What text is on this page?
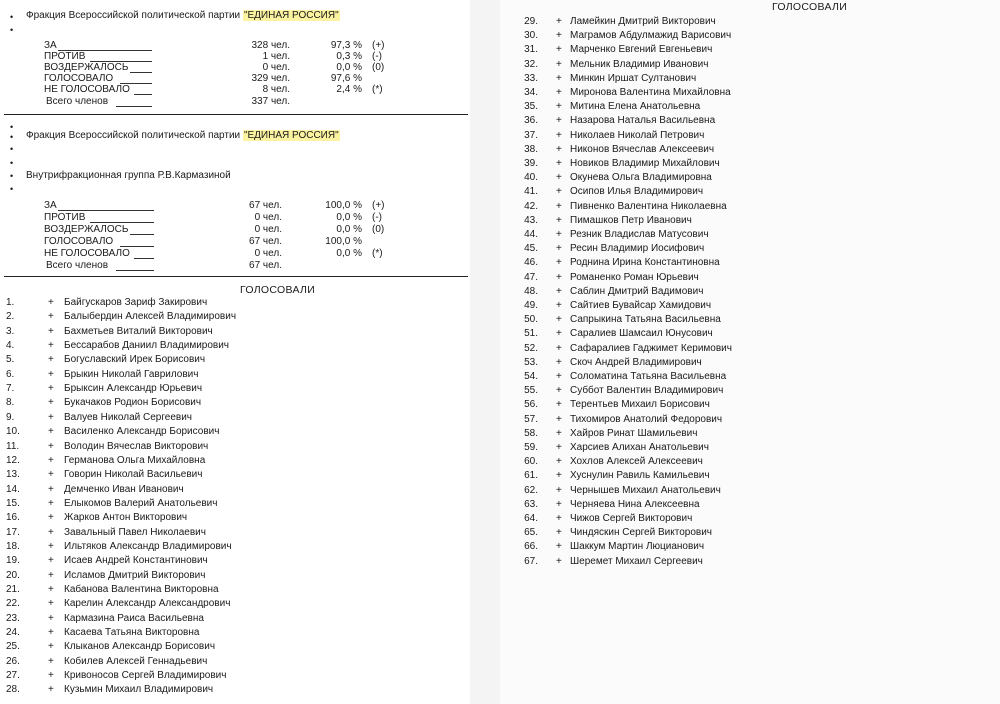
• Фракция Всероссийской политической партии "ЕДИНАЯ РОССИЯ"
•
ЗА	328 чел.	97,3 % (+)
ПРОТИВ	1 чел.	0,3 % (-)
ВОЗДЕРЖАЛОСЬ	0 чел.	0,0 % (0)
ГОЛОСОВАЛО	329 чел.	97,6 %
НЕ ГОЛОСОВАЛО	8 чел.	2,4 % (*)
Всего членов	337 чел.
•
Фракция Всероссийской политической партии "ЕДИНАЯ РОССИЯ"
•
•
•
• Внутрифракционная группа Р.В.Кармазиной
•
ЗА	67 чел.	100,0 % (+)
ПРОТИВ	0 чел.	0,0 % (-)
ВОЗДЕРЖАЛОСЬ	0 чел.	0,0 % (0)
ГОЛОСОВАЛО	67 чел.	100,0 %
НЕ ГОЛОСОВАЛО	0 чел.	0,0 % (*)
Всего членов	67 чел.
ГОЛОСОВАЛИ
1.	+ Байгускаров Зариф Закирович
2.	+ Балыбердин Алексей Владимирович
3.	+ Бахметьев Виталий Викторович
4.	+ Бессарабов Даниил Владимирович
5.	+ Богуславский Ирек Борисович
6.	+ Брыкин Николай Гаврилович
7.	+ Брыксин Александр Юрьевич
8.	+ Букачаков Родион Борисович
9.	+ Валуев Николай Сергеевич
10.	+ Василенко Александр Борисович
11.	+ Володин Вячеслав Викторович
12.	+ Германова Ольга Михайловна
13.	+ Говорин Николай Васильевич
14.	+ Демченко Иван Иванович
15.	+ Елыкомов Валерий Анатольевич
16.	+ Жарков Антон Викторович
17.	+ Завальный Павел Николаевич
18.	+ Ильтяков Александр Владимирович
19.	+ Исаев Андрей Константинович
20.	+ Исламов Дмитрий Викторович
21.	+ Кабанова Валентина Викторовна
22.	+ Карелин Александр Александрович
23.	+ Кармазина Раиса Васильевна
24.	+ Касаева Татьяна Викторовна
25.	+ Клыканов Александр Борисович
26.	+ Кобилев Алексей Геннадьевич
27.	+ Кривоносов Сергей Владимирович
28.	+ Кузьмин Михаил Владимирович
ГОЛОСОВАЛИ
29. + Ламейкин Дмитрий Викторович
30. + Маграмов Абдулмажид Варисович
31. + Марченко Евгений Евгеньевич
32. + Мельник Владимир Иванович
33. + Минкин Иршат Султанович
34. + Миронова Валентина Михайловна
35. + Митина Елена Анатольевна
36. + Назарова Наталья Васильевна
37. + Николаев Николай Петрович
38. + Никонов Вячеслав Алексеевич
39. + Новиков Владимир Михайлович
40. + Окунева Ольга Владимировна
41. + Осипов Илья Владимирович
42. + Пивненко Валентина Николаевна
43. + Пимашков Петр Иванович
44. + Резник Владислав Матусович
45. + Ресин Владимир Иосифович
46. + Роднина Ирина Константиновна
47. + Романенко Роман Юрьевич
48. + Саблин Дмитрий Вадимович
49. + Сайтиев Бувайсар Хамидович
50. + Сапрыкина Татьяна Васильевна
51. + Саралиев Шамсаил Юнусович
52. + Сафаралиев Гаджимет Керимович
53. + Скоч Андрей Владимирович
54. + Соломатина Татьяна Васильевна
55. + Суббот Валентин Владимирович
56. + Терентьев Михаил Борисович
57. + Тихомиров Анатолий Федорович
58. + Хайров Ринат Шамильевич
59. + Харсиев Алихан Анатольевич
60. + Хохлов Алексей Алексеевич
61. + Хуснулин Равиль Камильевич
62. + Чернышев Михаил Анатольевич
63. + Черняева Нина Алексеевна
64. + Чижов Сергей Викторович
65. + Чиндяскин Сергей Викторович
66. + Шаккум Мартин Люцианович
67. + Шеремет Михаил Сергеевич
